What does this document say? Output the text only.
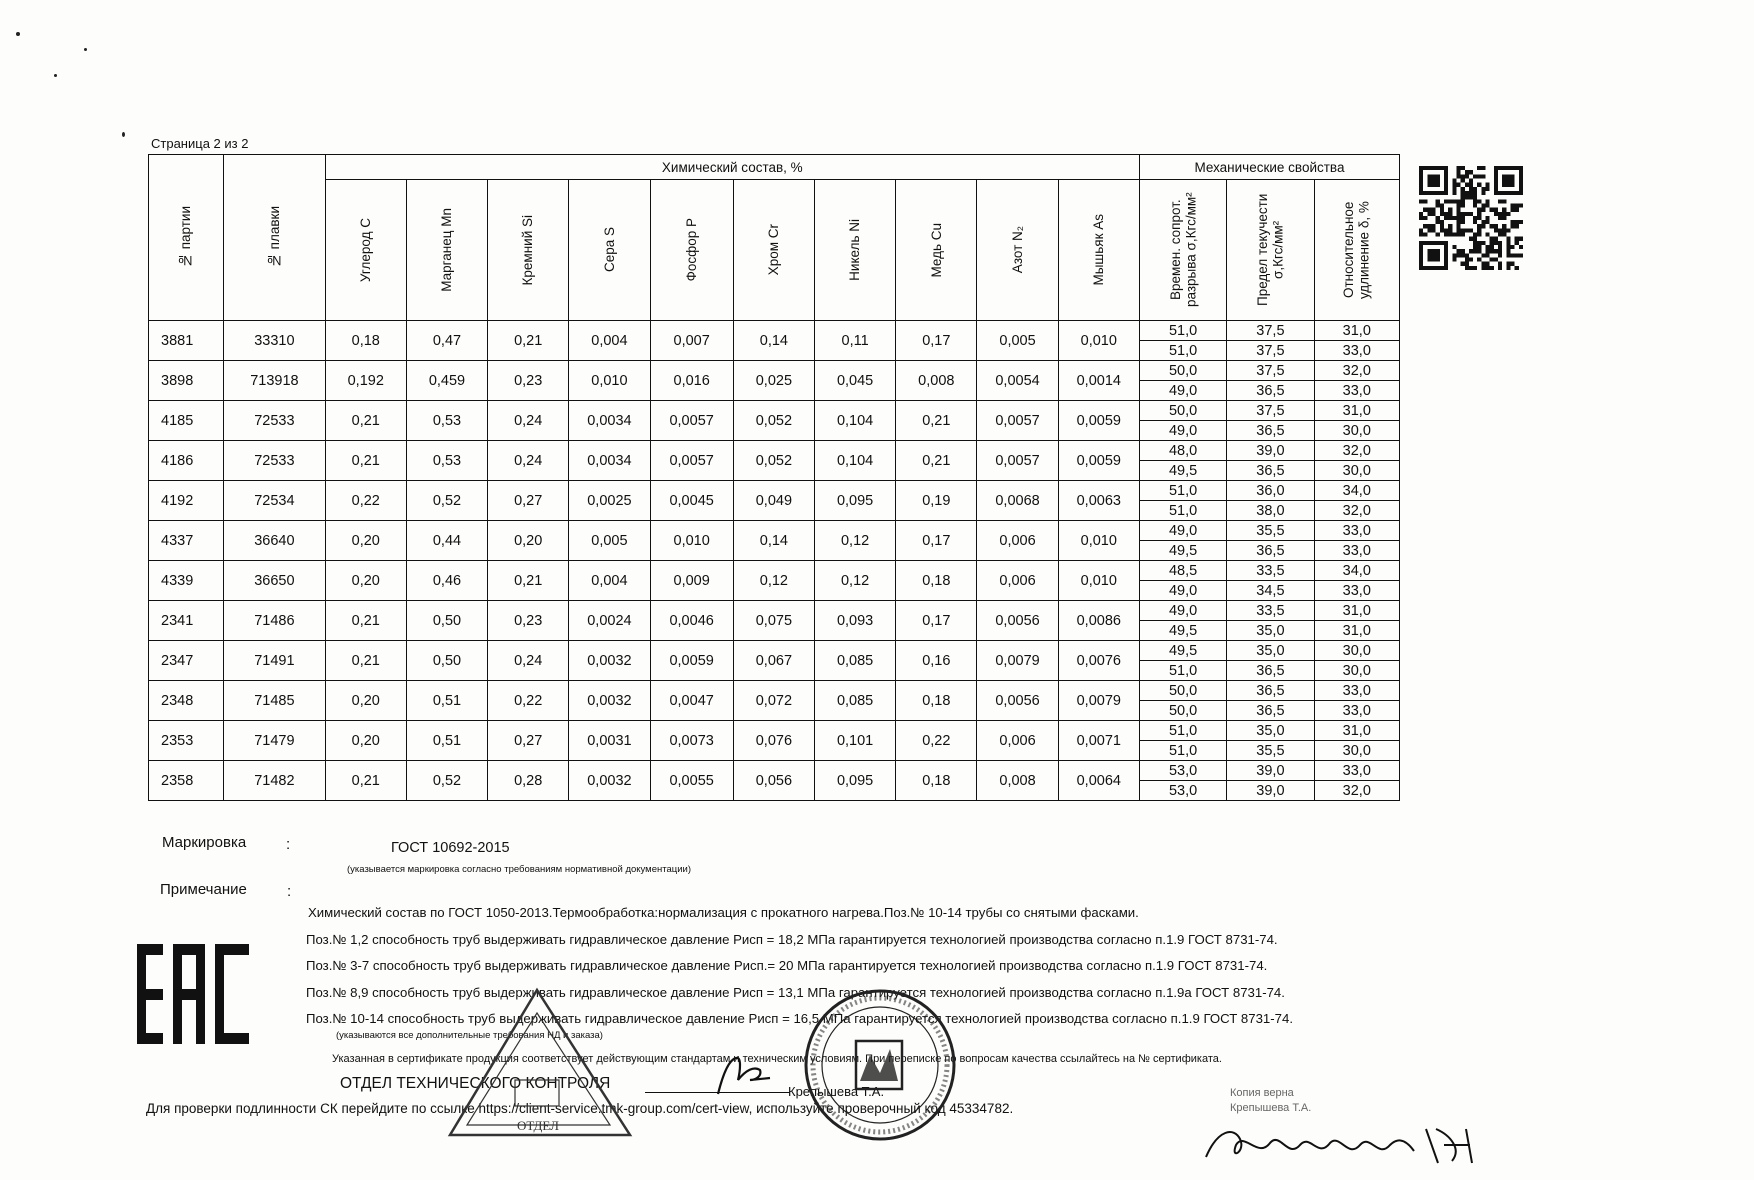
Страница 2 из 2
№ партии	№ плавки	Химический состав, %										Механические свойства		

		Углерод C	Марганец Mn	Кремний Si	Сера S	Фосфор P	Хром Cr	Никель Ni	Медь Cu	Азот N₂	Мышьяк As	Времен. сопрот. разрыва σ,Кгс/мм²	Предел текучести σ,Кгс/мм²	Относительное удлинение δ, %

3881	33310	0,18	0,47	0,21	0,004	0,007	0,14	0,11	0,17	0,005	0,010	51,0	37,5	31,0
												51,0	37,5	33,0
3898	713918	0,192	0,459	0,23	0,010	0,016	0,025	0,045	0,008	0,0054	0,0014	50,0	37,5	32,0
												49,0	36,5	33,0
4185	72533	0,21	0,53	0,24	0,0034	0,0057	0,052	0,104	0,21	0,0057	0,0059	50,0	37,5	31,0
												49,0	36,5	30,0
4186	72533	0,21	0,53	0,24	0,0034	0,0057	0,052	0,104	0,21	0,0057	0,0059	48,0	39,0	32,0
												49,5	36,5	30,0
4192	72534	0,22	0,52	0,27	0,0025	0,0045	0,049	0,095	0,19	0,0068	0,0063	51,0	36,0	34,0
												51,0	38,0	32,0
4337	36640	0,20	0,44	0,20	0,005	0,010	0,14	0,12	0,17	0,006	0,010	49,0	35,5	33,0
												49,5	36,5	33,0
4339	36650	0,20	0,46	0,21	0,004	0,009	0,12	0,12	0,18	0,006	0,010	48,5	33,5	34,0
												49,0	34,5	33,0
2341	71486	0,21	0,50	0,23	0,0024	0,0046	0,075	0,093	0,17	0,0056	0,0086	49,0	33,5	31,0
												49,5	35,0	31,0
2347	71491	0,21	0,50	0,24	0,0032	0,0059	0,067	0,085	0,16	0,0079	0,0076	49,5	35,0	30,0
												51,0	36,5	30,0
2348	71485	0,20	0,51	0,22	0,0032	0,0047	0,072	0,085	0,18	0,0056	0,0079	50,0	36,5	33,0
												50,0	36,5	33,0
2353	71479	0,20	0,51	0,27	0,0031	0,0073	0,076	0,101	0,22	0,006	0,0071	51,0	35,0	31,0
												51,0	35,5	30,0
2358	71482	0,21	0,52	0,28	0,0032	0,0055	0,056	0,095	0,18	0,008	0,0064	53,0	39,0	33,0
												53,0	39,0	32,0
Маркировка	:	ГОСТ 10692-2015
(указывается маркировка согласно требованиям нормативной документации)
Примечание	:
Химический состав по ГОСТ 1050-2013.Термообработка:нормализация с прокатного нагрева.Поз.№ 10-14 трубы со снятыми фасками.
Поз.№ 1,2 способность труб выдерживать гидравлическое давление Рисп = 18,2 МПа гарантируется технологией производства согласно п.1.9 ГОСТ 8731-74.
Поз.№ 3-7 способность труб выдерживать гидравлическое давление Рисп.= 20 МПа гарантируется технологией производства согласно п.1.9 ГОСТ 8731-74.
Поз.№ 8,9 способность труб выдерживать гидравлическое давление Рисп = 13,1 МПа гарантируется технологией производства согласно п.1.9а ГОСТ 8731-74.
Поз.№ 10-14 способность труб выдерживать гидравлическое давление Рисп = 16,5 МПа гарантируется технологией производства согласно п.1.9 ГОСТ 8731-74.
(указываются все дополнительные требования НД и заказа)
Указанная в сертификате продукция соответствует действующим стандартам и техническим условиям. При переписке по вопросам качества ссылайтесь на № сертификата.
ОТДЕЛ ТЕХНИЧЕСКОГО КОНТРОЛЯ	Крепышева Т.А.
Для проверки подлинности СК перейдите по ссылке https://client-service.tmk-group.com/cert-view, используйте проверочный код 45334782.
ОТДЕЛ
Копия верна
Крепышева Т.А.
